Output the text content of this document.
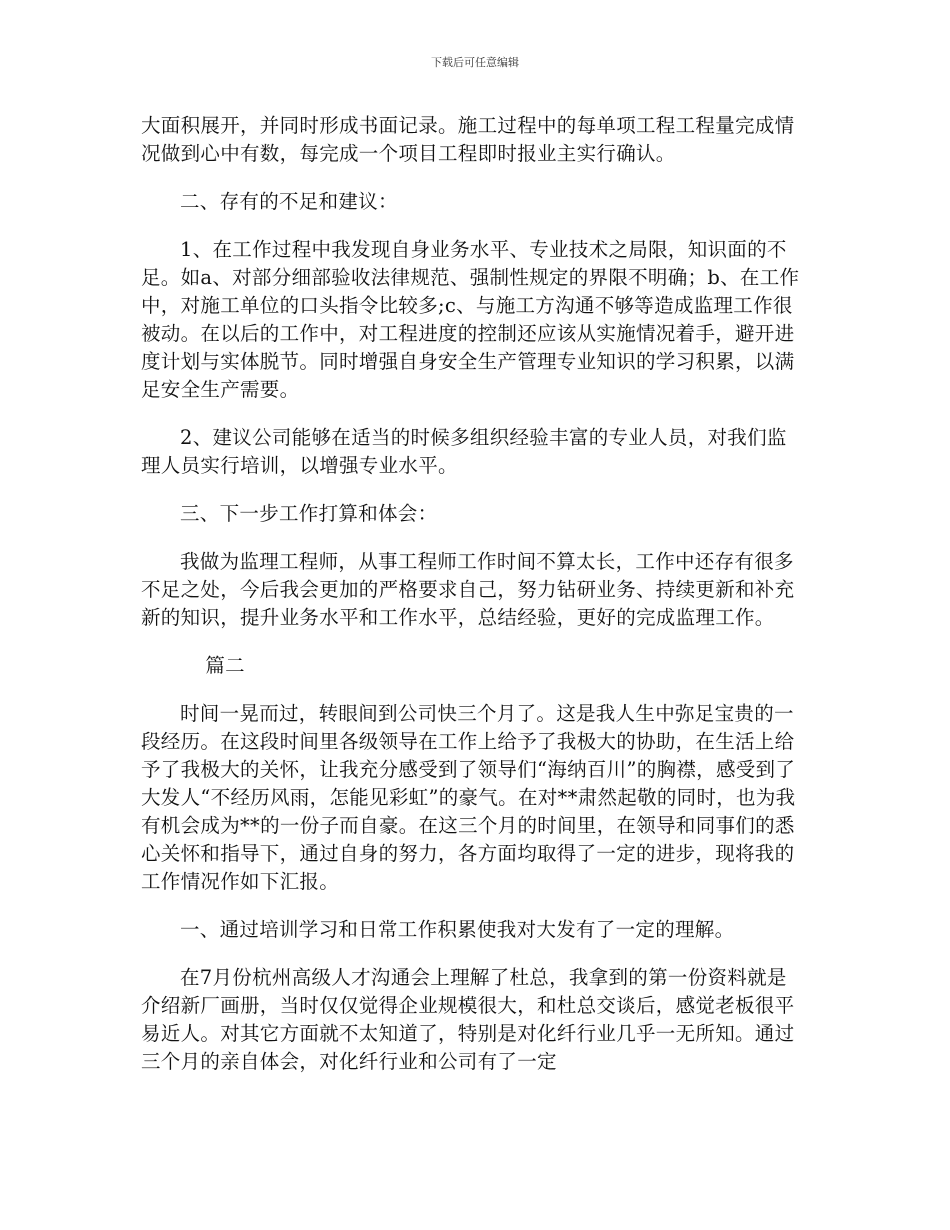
下载后可任意编辑

大面积展开，并同时形成书面记录。施工过程中的每单项工程工程量完成情况做到心中有数，每完成一个项目工程即时报业主实行确认。

二、存有的不足和建议：

1、在工作过程中我发现自身业务水平、专业技术之局限，知识面的不足。如a、对部分细部验收法律规范、强制性规定的界限不明确；b、在工作中，对施工单位的口头指令比较多;c、与施工方沟通不够等造成监理工作很被动。在以后的工作中，对工程进度的控制还应该从实施情况着手，避开进度计划与实体脱节。同时增强自身安全生产管理专业知识的学习积累，以满足安全生产需要。

2、建议公司能够在适当的时候多组织经验丰富的专业人员，对我们监理人员实行培训，以增强专业水平。

三、下一步工作打算和体会：

我做为监理工程师，从事工程师工作时间不算太长，工作中还存有很多不足之处，今后我会更加的严格要求自己，努力钻研业务、持续更新和补充新的知识，提升业务水平和工作水平，总结经验，更好的完成监理工作。

篇二

时间一晃而过，转眼间到公司快三个月了。这是我人生中弥足宝贵的一段经历。在这段时间里各级领导在工作上给予了我极大的协助，在生活上给予了我极大的关怀，让我充分感受到了领导们“海纳百川”的胸襟，感受到了大发人“不经历风雨，怎能见彩虹”的豪气。在对**肃然起敬的同时，也为我有机会成为**的一份子而自豪。在这三个月的时间里，在领导和同事们的悉心关怀和指导下，通过自身的努力，各方面均取得了一定的进步，现将我的工作情况作如下汇报。

一、通过培训学习和日常工作积累使我对大发有了一定的理解。

在7月份杭州高级人才沟通会上理解了杜总，我拿到的第一份资料就是介绍新厂画册，当时仅仅觉得企业规模很大，和杜总交谈后，感觉老板很平易近人。对其它方面就不太知道了，特别是对化纤行业几乎一无所知。通过三个月的亲自体会，对化纤行业和公司有了一定
